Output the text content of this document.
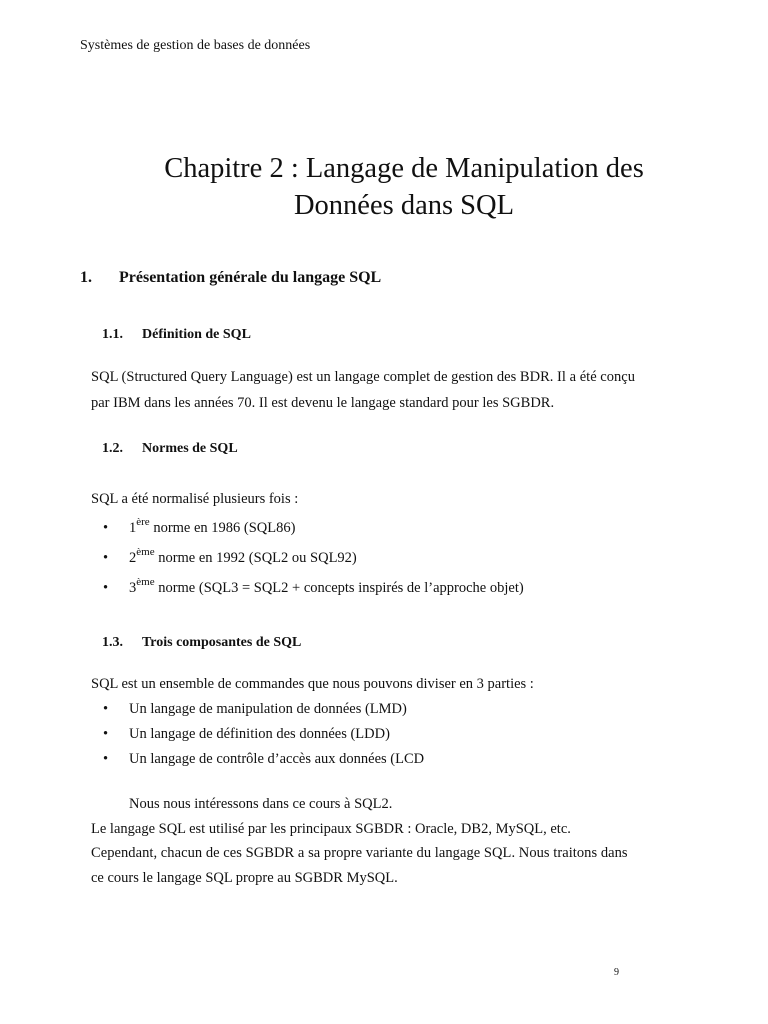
Systèmes de gestion de bases de données
Chapitre 2 : Langage de Manipulation des
Données dans SQL
1. Présentation générale du langage SQL
1.1. Définition de SQL
SQL (Structured Query Language) est un langage complet de gestion des BDR. Il a été conçu
par IBM dans les années 70. Il est devenu le langage standard pour les SGBDR.
1.2. Normes de SQL
SQL a été normalisé plusieurs fois :
• 1ère norme en 1986 (SQL86)
• 2ème norme en 1992 (SQL2 ou SQL92)
• 3ème norme (SQL3 = SQL2 + concepts inspirés de l’approche objet)
1.3. Trois composantes de SQL
SQL est un ensemble de commandes que nous pouvons diviser en 3 parties :
• Un langage de manipulation de données (LMD)
• Un langage de définition des données (LDD)
• Un langage de contrôle d’accès aux données (LCD
Nous nous intéressons dans ce cours à SQL2.
Le langage SQL est utilisé par les principaux SGBDR : Oracle, DB2, MySQL, etc.
Cependant, chacun de ces SGBDR a sa propre variante du langage SQL. Nous traitons dans
ce cours le langage SQL propre au SGBDR MySQL.
9
